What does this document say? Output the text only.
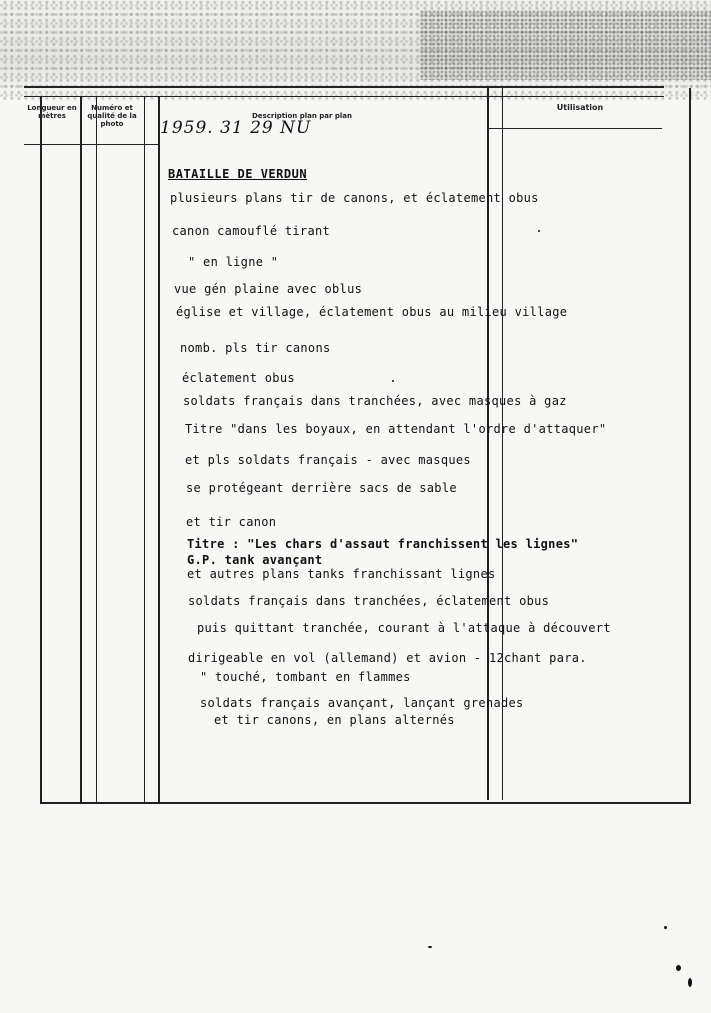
Longueur en mètres
Numéro et qualité de la photo
Description plan par plan
Utilisation
1959. 31 29 NU
BATAILLE DE VERDUN
plusieurs plans tir de canons, et éclatement obus
canon camouflé tirant
" en ligne "
vue gén plaine avec oblus
église et village, éclatement obus au milieu village
nomb. pls tir canons
éclatement obus
soldats français dans tranchées, avec masques à gaz
Titre "dans les boyaux, en attendant l'ordre d'attaquer"
et pls soldats français - avec masques
se protégeant derrière sacs de sable
et tir canon
Titre : "Les chars d'assaut franchissent les lignes"
G.P. tank avançant
et autres plans tanks franchissant lignes
soldats français dans tranchées, éclatement obus
puis quittant tranchée, courant à l'attaque à découvert
dirigeable en vol (allemand) et avion - 12chant para.
" touché, tombant en flammes
soldats français avançant, lançant grenades
et tir canons, en plans alternés
